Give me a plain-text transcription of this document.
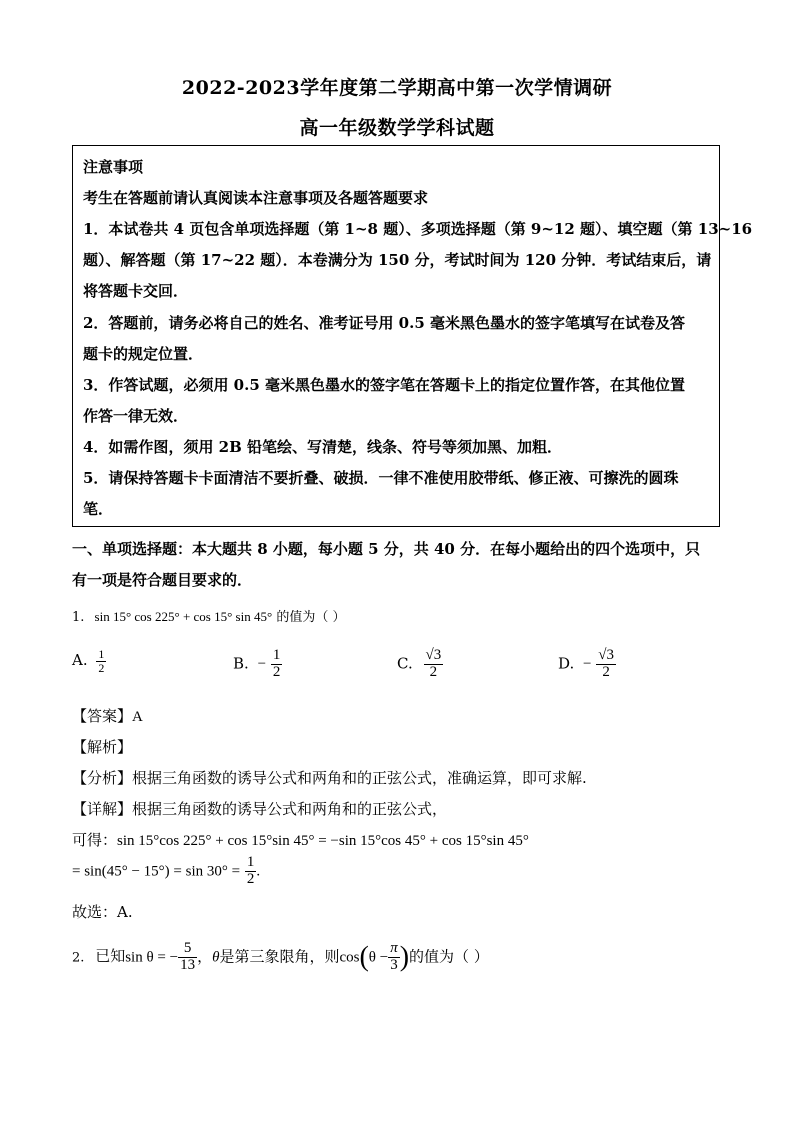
2022-2023学年度第二学期高中第一次学情调研
高一年级数学学科试题
注意事项
考生在答题前请认真阅读本注意事项及各题答题要求
1．本试卷共 4 页包含单项选择题（第 1~8 题）、多项选择题（第 9~12 题）、填空题（第 13~16
题）、解答题（第 17~22 题）．本卷满分为 150 分，考试时间为 120 分钟．考试结束后，请
将答题卡交回．
2．答题前，请务必将自己的姓名、准考证号用 0.5 毫米黑色墨水的签字笔填写在试卷及答
题卡的规定位置．
3．作答试题，必须用 0.5 毫米黑色墨水的签字笔在答题卡上的指定位置作答，在其他位置
作答一律无效．
4．如需作图，须用 2B 铅笔绘、写清楚，线条、符号等须加黑、加粗．
5．请保持答题卡卡面清洁不要折叠、破损．一律不准使用胶带纸、修正液、可擦洗的圆珠
笔．
一、单项选择题：本大题共 8 小题，每小题 5 分，共 40 分．在每小题给出的四个选项中，只
有一项是符合题目要求的．
1. sin 15° cos 225° + cos 15° sin 45° 的值为（ ）
A. $\frac{1}{2}$	B. − $\frac{1}{2}$	C. $\frac{√3}{2}$	D. − $\frac{√3}{2}$
【答案】A
【解析】
【分析】根据三角函数的诱导公式和两角和的正弦公式，准确运算，即可求解.
【详解】根据三角函数的诱导公式和两角和的正弦公式，
可得：sin 15°cos 225° + cos 15°sin 45° = −sin 15°cos 45° + cos 15°sin 45°
= $\sin(45^\circ - 15^\circ) = \sin 30^\circ = \frac{1}{2}$ .
故选：A.
2. 已知sin θ = − $\frac{5}{13}$ ，θ是第三象限角，则$\cos(\theta - \frac{\pi}{3}$ )的值为（ ）
